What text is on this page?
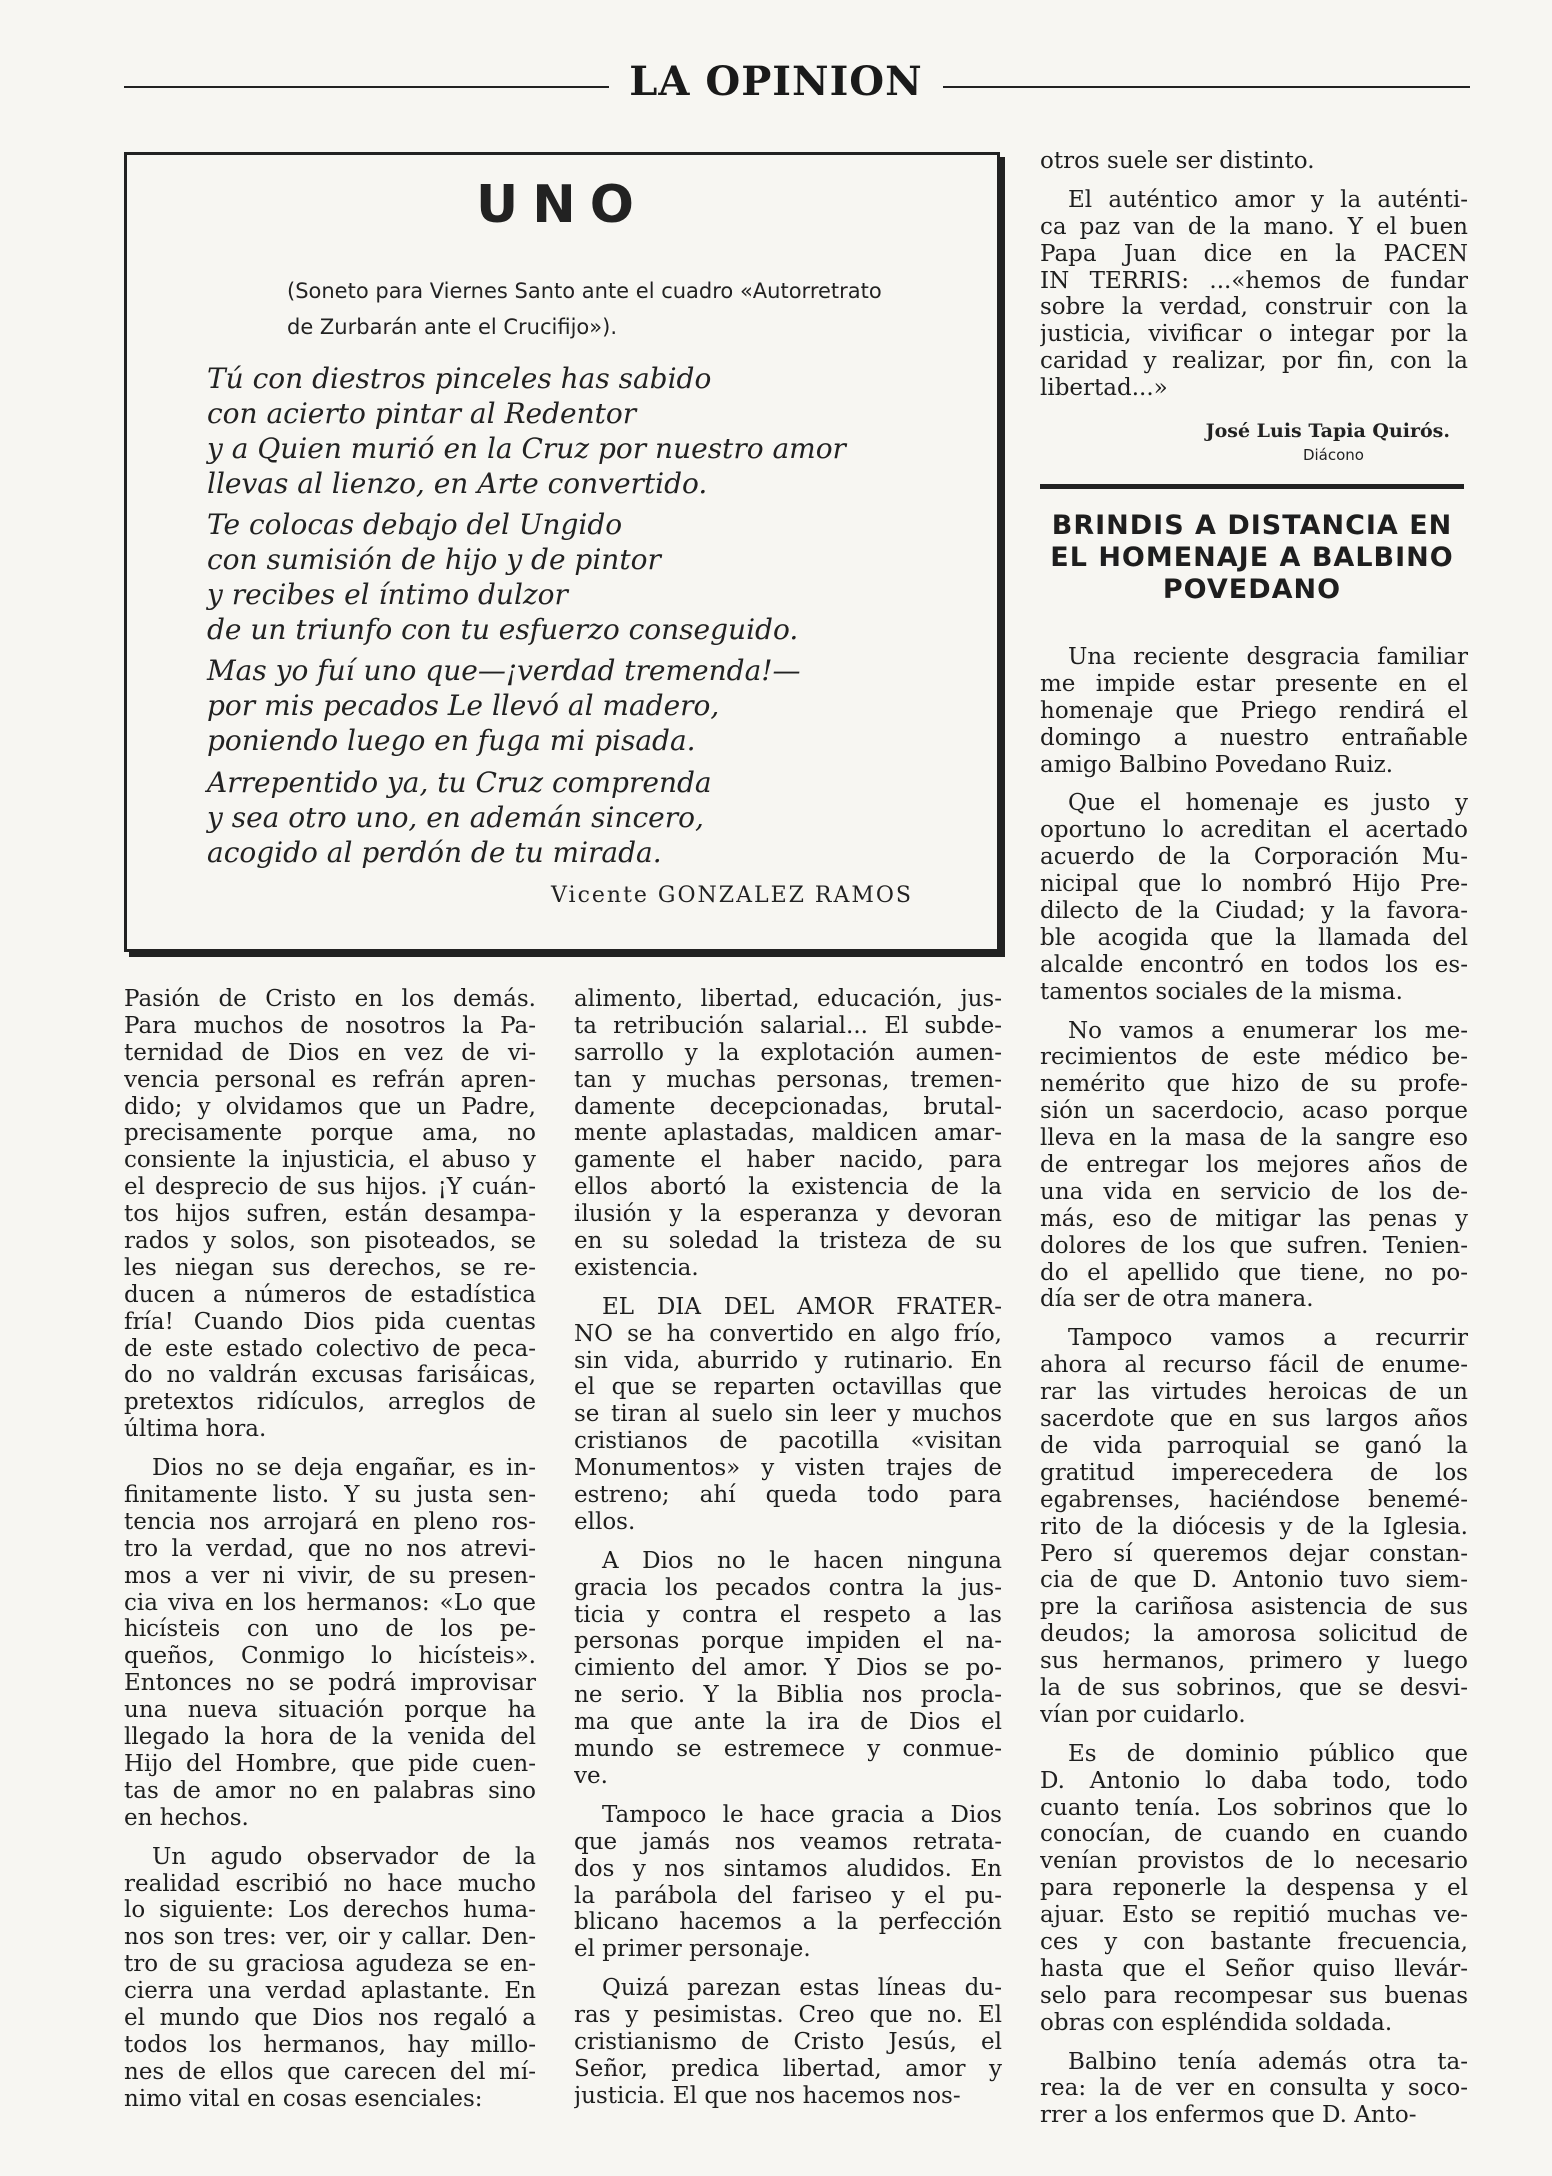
LA OPINION
UNO
(Soneto para Viernes Santo ante el cuadro «Autorretrato
de Zurbarán ante el Crucifijo»).
Tú con diestros pinceles has sabido
con acierto pintar al Redentor
y a Quien murió en la Cruz por nuestro amor
llevas al lienzo, en Arte convertido.
Te colocas debajo del Ungido
con sumisión de hijo y de pintor
y recibes el íntimo dulzor
de un triunfo con tu esfuerzo conseguido.
Mas yo fuí uno que—¡verdad tremenda!—
por mis pecados Le llevó al madero,
poniendo luego en fuga mi pisada.
Arrepentido ya, tu Cruz comprenda
y sea otro uno, en ademán sincero,
acogido al perdón de tu mirada.
Vicente GONZALEZ RAMOS
Pasión de Cristo en los demás.
Para muchos de nosotros la Pa-
ternidad de Dios en vez de vi-
vencia personal es refrán apren-
dido; y olvidamos que un Padre,
precisamente porque ama, no
consiente la injusticia, el abuso y
el desprecio de sus hijos. ¡Y cuán-
tos hijos sufren, están desampa-
rados y solos, son pisoteados, se
les niegan sus derechos, se re-
ducen a números de estadística
fría! Cuando Dios pida cuentas
de este estado colectivo de peca-
do no valdrán excusas farisáicas,
pretextos ridículos, arreglos de
última hora.
Dios no se deja engañar, es in-
finitamente listo. Y su justa sen-
tencia nos arrojará en pleno ros-
tro la verdad, que no nos atrevi-
mos a ver ni vivir, de su presen-
cia viva en los hermanos: «Lo que
hicísteis con uno de los pe-
queños, Conmigo lo hicísteis».
Entonces no se podrá improvisar
una nueva situación porque ha
llegado la hora de la venida del
Hijo del Hombre, que pide cuen-
tas de amor no en palabras sino
en hechos.
Un agudo observador de la
realidad escribió no hace mucho
lo siguiente: Los derechos huma-
nos son tres: ver, oir y callar. Den-
tro de su graciosa agudeza se en-
cierra una verdad aplastante. En
el mundo que Dios nos regaló a
todos los hermanos, hay millo-
nes de ellos que carecen del mí-
nimo vital en cosas esenciales:
alimento, libertad, educación, jus-
ta retribución salarial... El subde-
sarrollo y la explotación aumen-
tan y muchas personas, tremen-
damente decepcionadas, brutal-
mente aplastadas, maldicen amar-
gamente el haber nacido, para
ellos abortó la existencia de la
ilusión y la esperanza y devoran
en su soledad la tristeza de su
existencia.
EL DIA DEL AMOR FRATER-
NO se ha convertido en algo frío,
sin vida, aburrido y rutinario. En
el que se reparten octavillas que
se tiran al suelo sin leer y muchos
cristianos de pacotilla «visitan
Monumentos» y visten trajes de
estreno; ahí queda todo para
ellos.
A Dios no le hacen ninguna
gracia los pecados contra la jus-
ticia y contra el respeto a las
personas porque impiden el na-
cimiento del amor. Y Dios se po-
ne serio. Y la Biblia nos procla-
ma que ante la ira de Dios el
mundo se estremece y conmue-
ve.
Tampoco le hace gracia a Dios
que jamás nos veamos retrata-
dos y nos sintamos aludidos. En
la parábola del fariseo y el pu-
blicano hacemos a la perfección
el primer personaje.
Quizá parezan estas líneas du-
ras y pesimistas. Creo que no. El
cristianismo de Cristo Jesús, el
Señor, predica libertad, amor y
justicia. El que nos hacemos nos-
otros suele ser distinto.
El auténtico amor y la auténti-
ca paz van de la mano. Y el buen
Papa Juan dice en la PACEN
IN TERRIS: ...«hemos de fundar
sobre la verdad, construir con la
justicia, vivificar o integar por la
caridad y realizar, por fin, con la
libertad...»
José Luis Tapia Quirós.
Diácono
BRINDIS A DISTANCIA EN
EL HOMENAJE A BALBINO
POVEDANO
Una reciente desgracia familiar
me impide estar presente en el
homenaje que Priego rendirá el
domingo a nuestro entrañable
amigo Balbino Povedano Ruiz.
Que el homenaje es justo y
oportuno lo acreditan el acertado
acuerdo de la Corporación Mu-
nicipal que lo nombró Hijo Pre-
dilecto de la Ciudad; y la favora-
ble acogida que la llamada del
alcalde encontró en todos los es-
tamentos sociales de la misma.
No vamos a enumerar los me-
recimientos de este médico be-
nemérito que hizo de su profe-
sión un sacerdocio, acaso porque
lleva en la masa de la sangre eso
de entregar los mejores años de
una vida en servicio de los de-
más, eso de mitigar las penas y
dolores de los que sufren. Tenien-
do el apellido que tiene, no po-
día ser de otra manera.
Tampoco vamos a recurrir
ahora al recurso fácil de enume-
rar las virtudes heroicas de un
sacerdote que en sus largos años
de vida parroquial se ganó la
gratitud imperecedera de los
egabrenses, haciéndose benemé-
rito de la diócesis y de la Iglesia.
Pero sí queremos dejar constan-
cia de que D. Antonio tuvo siem-
pre la cariñosa asistencia de sus
deudos; la amorosa solicitud de
sus hermanos, primero y luego
la de sus sobrinos, que se desvi-
vían por cuidarlo.
Es de dominio público que
D. Antonio lo daba todo, todo
cuanto tenía. Los sobrinos que lo
conocían, de cuando en cuando
venían provistos de lo necesario
para reponerle la despensa y el
ajuar. Esto se repitió muchas ve-
ces y con bastante frecuencia,
hasta que el Señor quiso llevár-
selo para recompesar sus buenas
obras con espléndida soldada.
Balbino tenía además otra ta-
rea: la de ver en consulta y soco-
rrer a los enfermos que D. Anto-
